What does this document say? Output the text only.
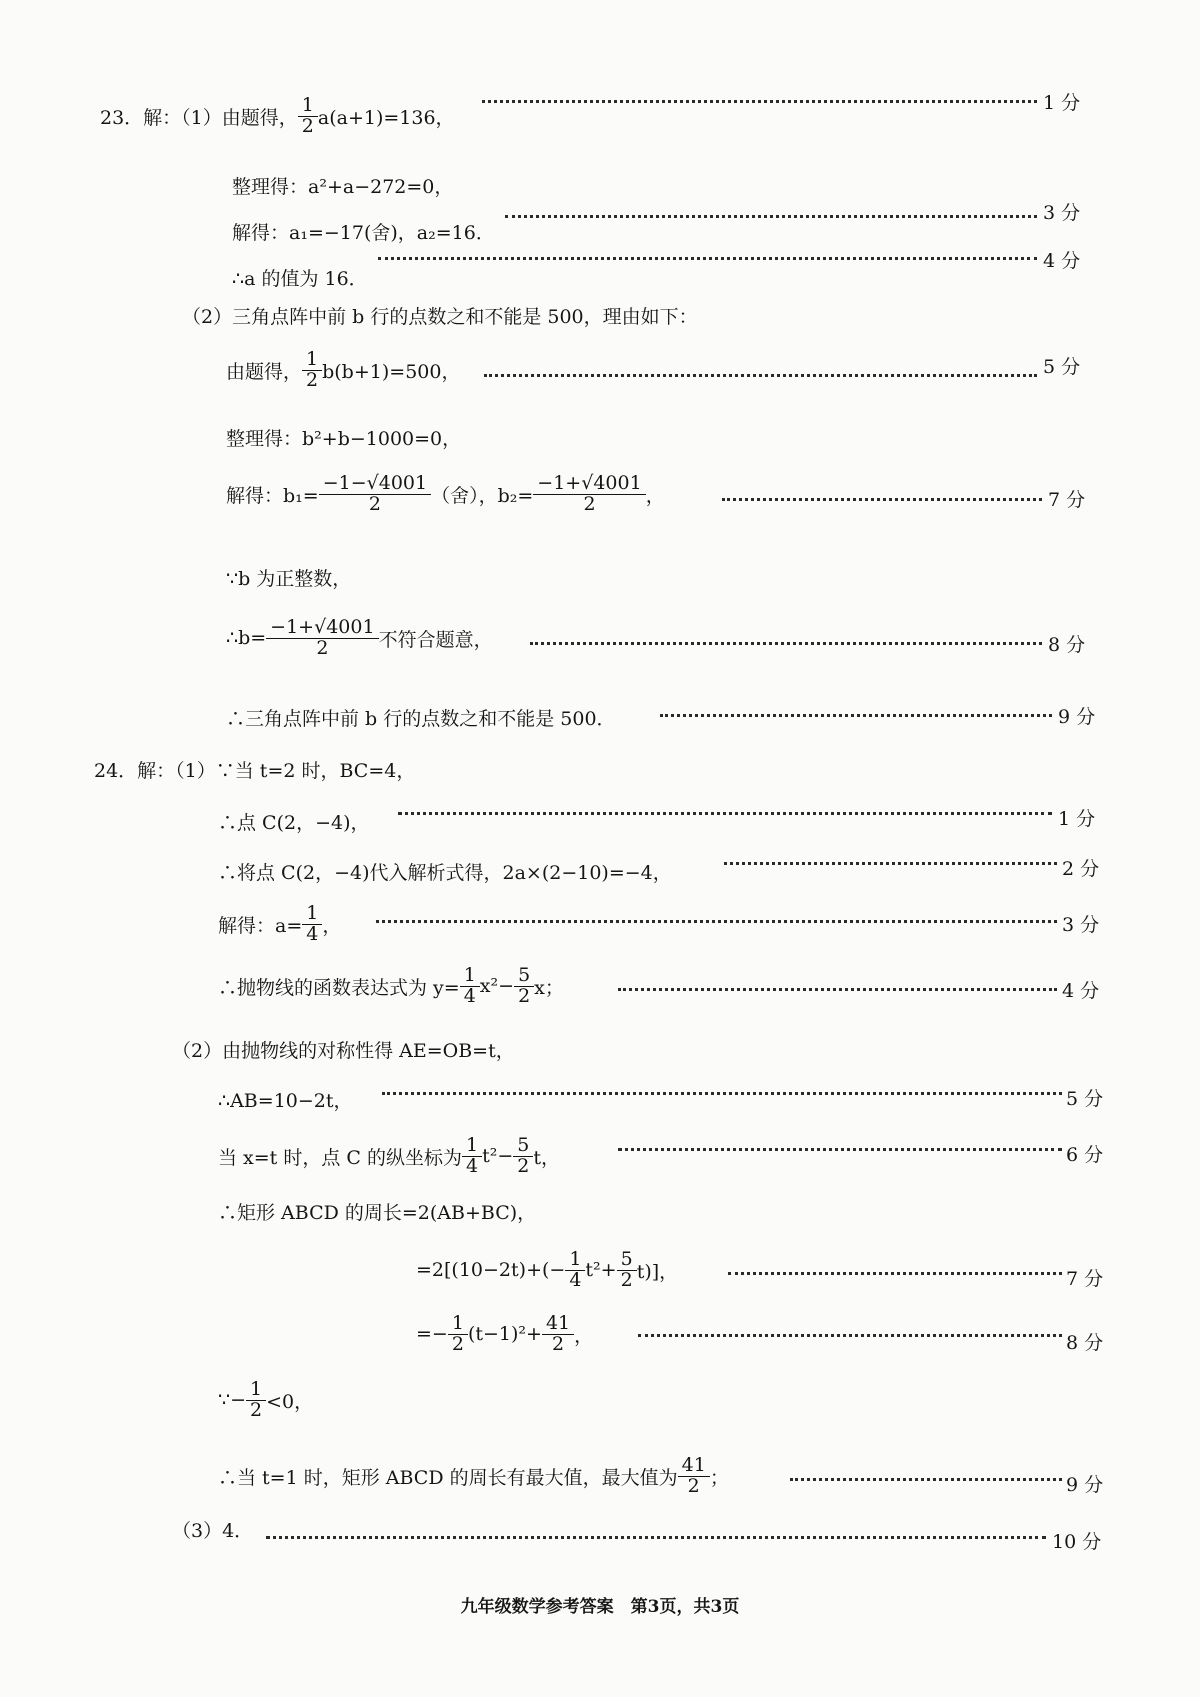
23．解：（1）由题得，
1
2 a(a+1)=136，
1 分
整理得：a²+a−272=0，
解得：a₁=−17(舍)，a₂=16．
3 分
∴a 的值为 16．
4 分
（2）三角点阵中前 b 行的点数之和不能是 500，理由如下：
由题得，
1
2 b(b+1)=500，	5 分
整理得：b²+b−1000=0，
解得：$b_1= \frac{-1-√4001}{2}$ （舍），$b_2= \frac{-1+√4001}{2}$ ，	7 分
∵b 为正整数，
∴b= $\frac{-1+√4001}{2}$ 不符合题意，	8 分
∴三角点阵中前 b 行的点数之和不能是 500．	9 分
24．解：（1）∵当 t=2 时，BC=4，
∴点 C(2，−4)，	1 分
∴将点 C(2，−4)代入解析式得，2a×(2−10)=−4，	2 分
解得：$a= \frac{1}{4}$ ，	3 分
∴抛物线的函数表达式为 $y= \frac{1}{4} x^2- \frac{5}{2}$ x；	4 分
（2）由抛物线的对称性得 AE=OB=t，
∴AB=10−2t，	5 分
当 x=t 时，点 C 的纵坐标为
1
4 $t^2- \frac{5}{2}$ t，	6 分
∴矩形 ABCD 的周长=2(AB+BC)，
$=2[(10-2t)+(- \frac{1}{4} t^2+ \frac{5}{2} t)]$，	7 分
=− $\frac{1}{2} (t-1)^2+ \frac{41}{2}$ ，	8 分
∵− $\frac{1}{2} <0$，
∴当 t=1 时，矩形 ABCD 的周长有最大值，最大值为
41
2 ；	9 分
（3）4．	10 分
九年级数学参考答案　第3页，共3页
